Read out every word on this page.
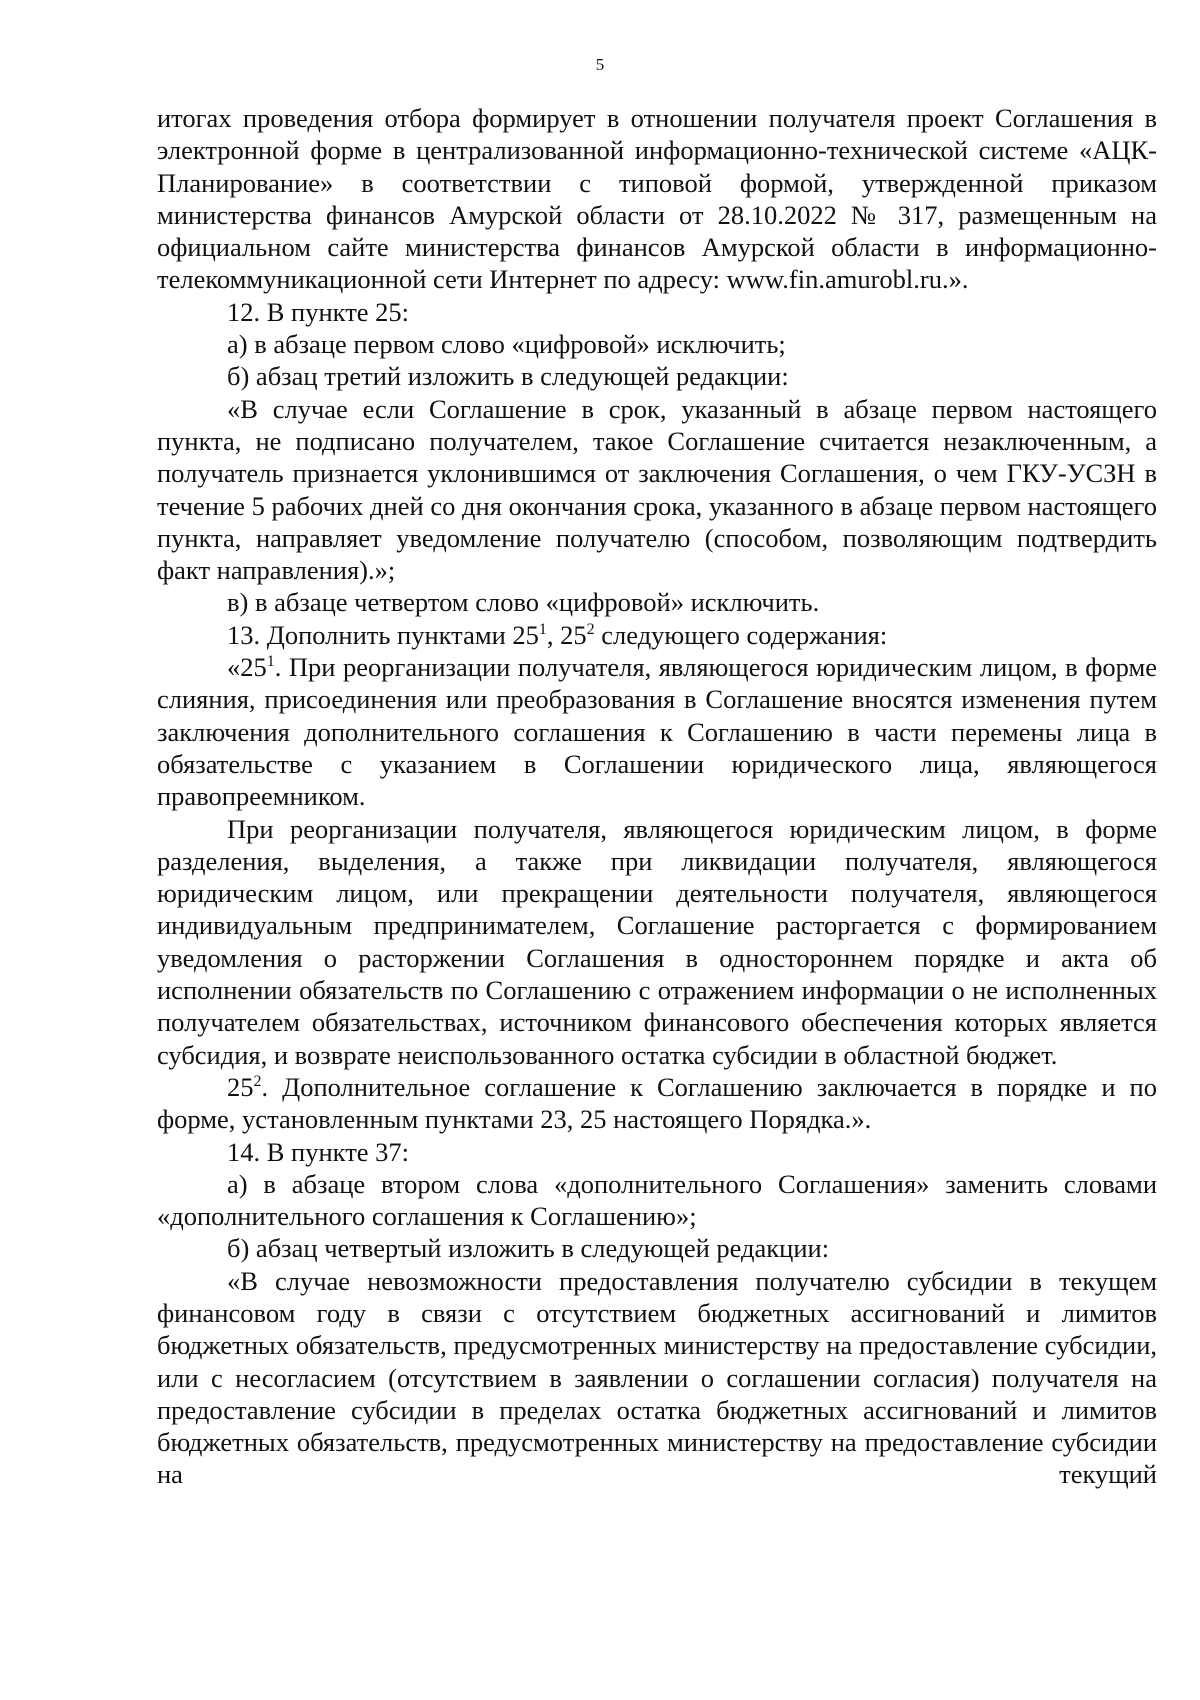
5

итогах проведения отбора формирует в отношении получателя проект Соглашения в электронной форме в централизованной информационно-технической системе «АЦК-Планирование» в соответствии с типовой формой, утвержденной приказом министерства финансов Амурской области от 28.10.2022 № 317, размещенным на официальном сайте министерства финансов Амурской области в информационно-телекоммуникационной сети Интернет по адресу: www.fin.amurobl.ru.».

12. В пункте 25:

а) в абзаце первом слово «цифровой» исключить;

б) абзац третий изложить в следующей редакции:

«В случае если Соглашение в срок, указанный в абзаце первом настоящего пункта, не подписано получателем, такое Соглашение считается незаключенным, а получатель признается уклонившимся от заключения Соглашения, о чем ГКУ-УСЗН в течение 5 рабочих дней со дня окончания срока, указанного в абзаце первом настоящего пункта, направляет уведомление получателю (способом, позволяющим подтвердить факт направления).»;

в) в абзаце четвертом слово «цифровой» исключить.

13. Дополнить пунктами $25^1$, $25^2$ следующего содержания:

«$25^1$. При реорганизации получателя, являющегося юридическим лицом, в форме слияния, присоединения или преобразования в Соглашение вносятся изменения путем заключения дополнительного соглашения к Соглашению в части перемены лица в обязательстве с указанием в Соглашении юридического лица, являющегося правопреемником.

При реорганизации получателя, являющегося юридическим лицом, в форме разделения, выделения, а также при ликвидации получателя, являющегося юридическим лицом, или прекращении деятельности получателя, являющегося индивидуальным предпринимателем, Соглашение расторгается с формированием уведомления о расторжении Соглашения в одностороннем порядке и акта об исполнении обязательств по Соглашению с отражением информации о не исполненных получателем обязательствах, источником финансового обеспечения которых является субсидия, и возврате неиспользованного остатка субсидии в областной бюджет.

$25^2$. Дополнительное соглашение к Соглашению заключается в порядке и по форме, установленным пунктами 23, 25 настоящего Порядка.».

14. В пункте 37:

а) в абзаце втором слова «дополнительного Соглашения» заменить словами «дополнительного соглашения к Соглашению»;

б) абзац четвертый изложить в следующей редакции:

«В случае невозможности предоставления получателю субсидии в текущем финансовом году в связи с отсутствием бюджетных ассигнований и лимитов бюджетных обязательств, предусмотренных министерству на предоставление субсидии, или с несогласием (отсутствием в заявлении о соглашении согласия) получателя на предоставление субсидии в пределах остатка бюджетных ассигнований и лимитов бюджетных обязательств, предусмотренных министерству на предоставление субсидии на текущий
